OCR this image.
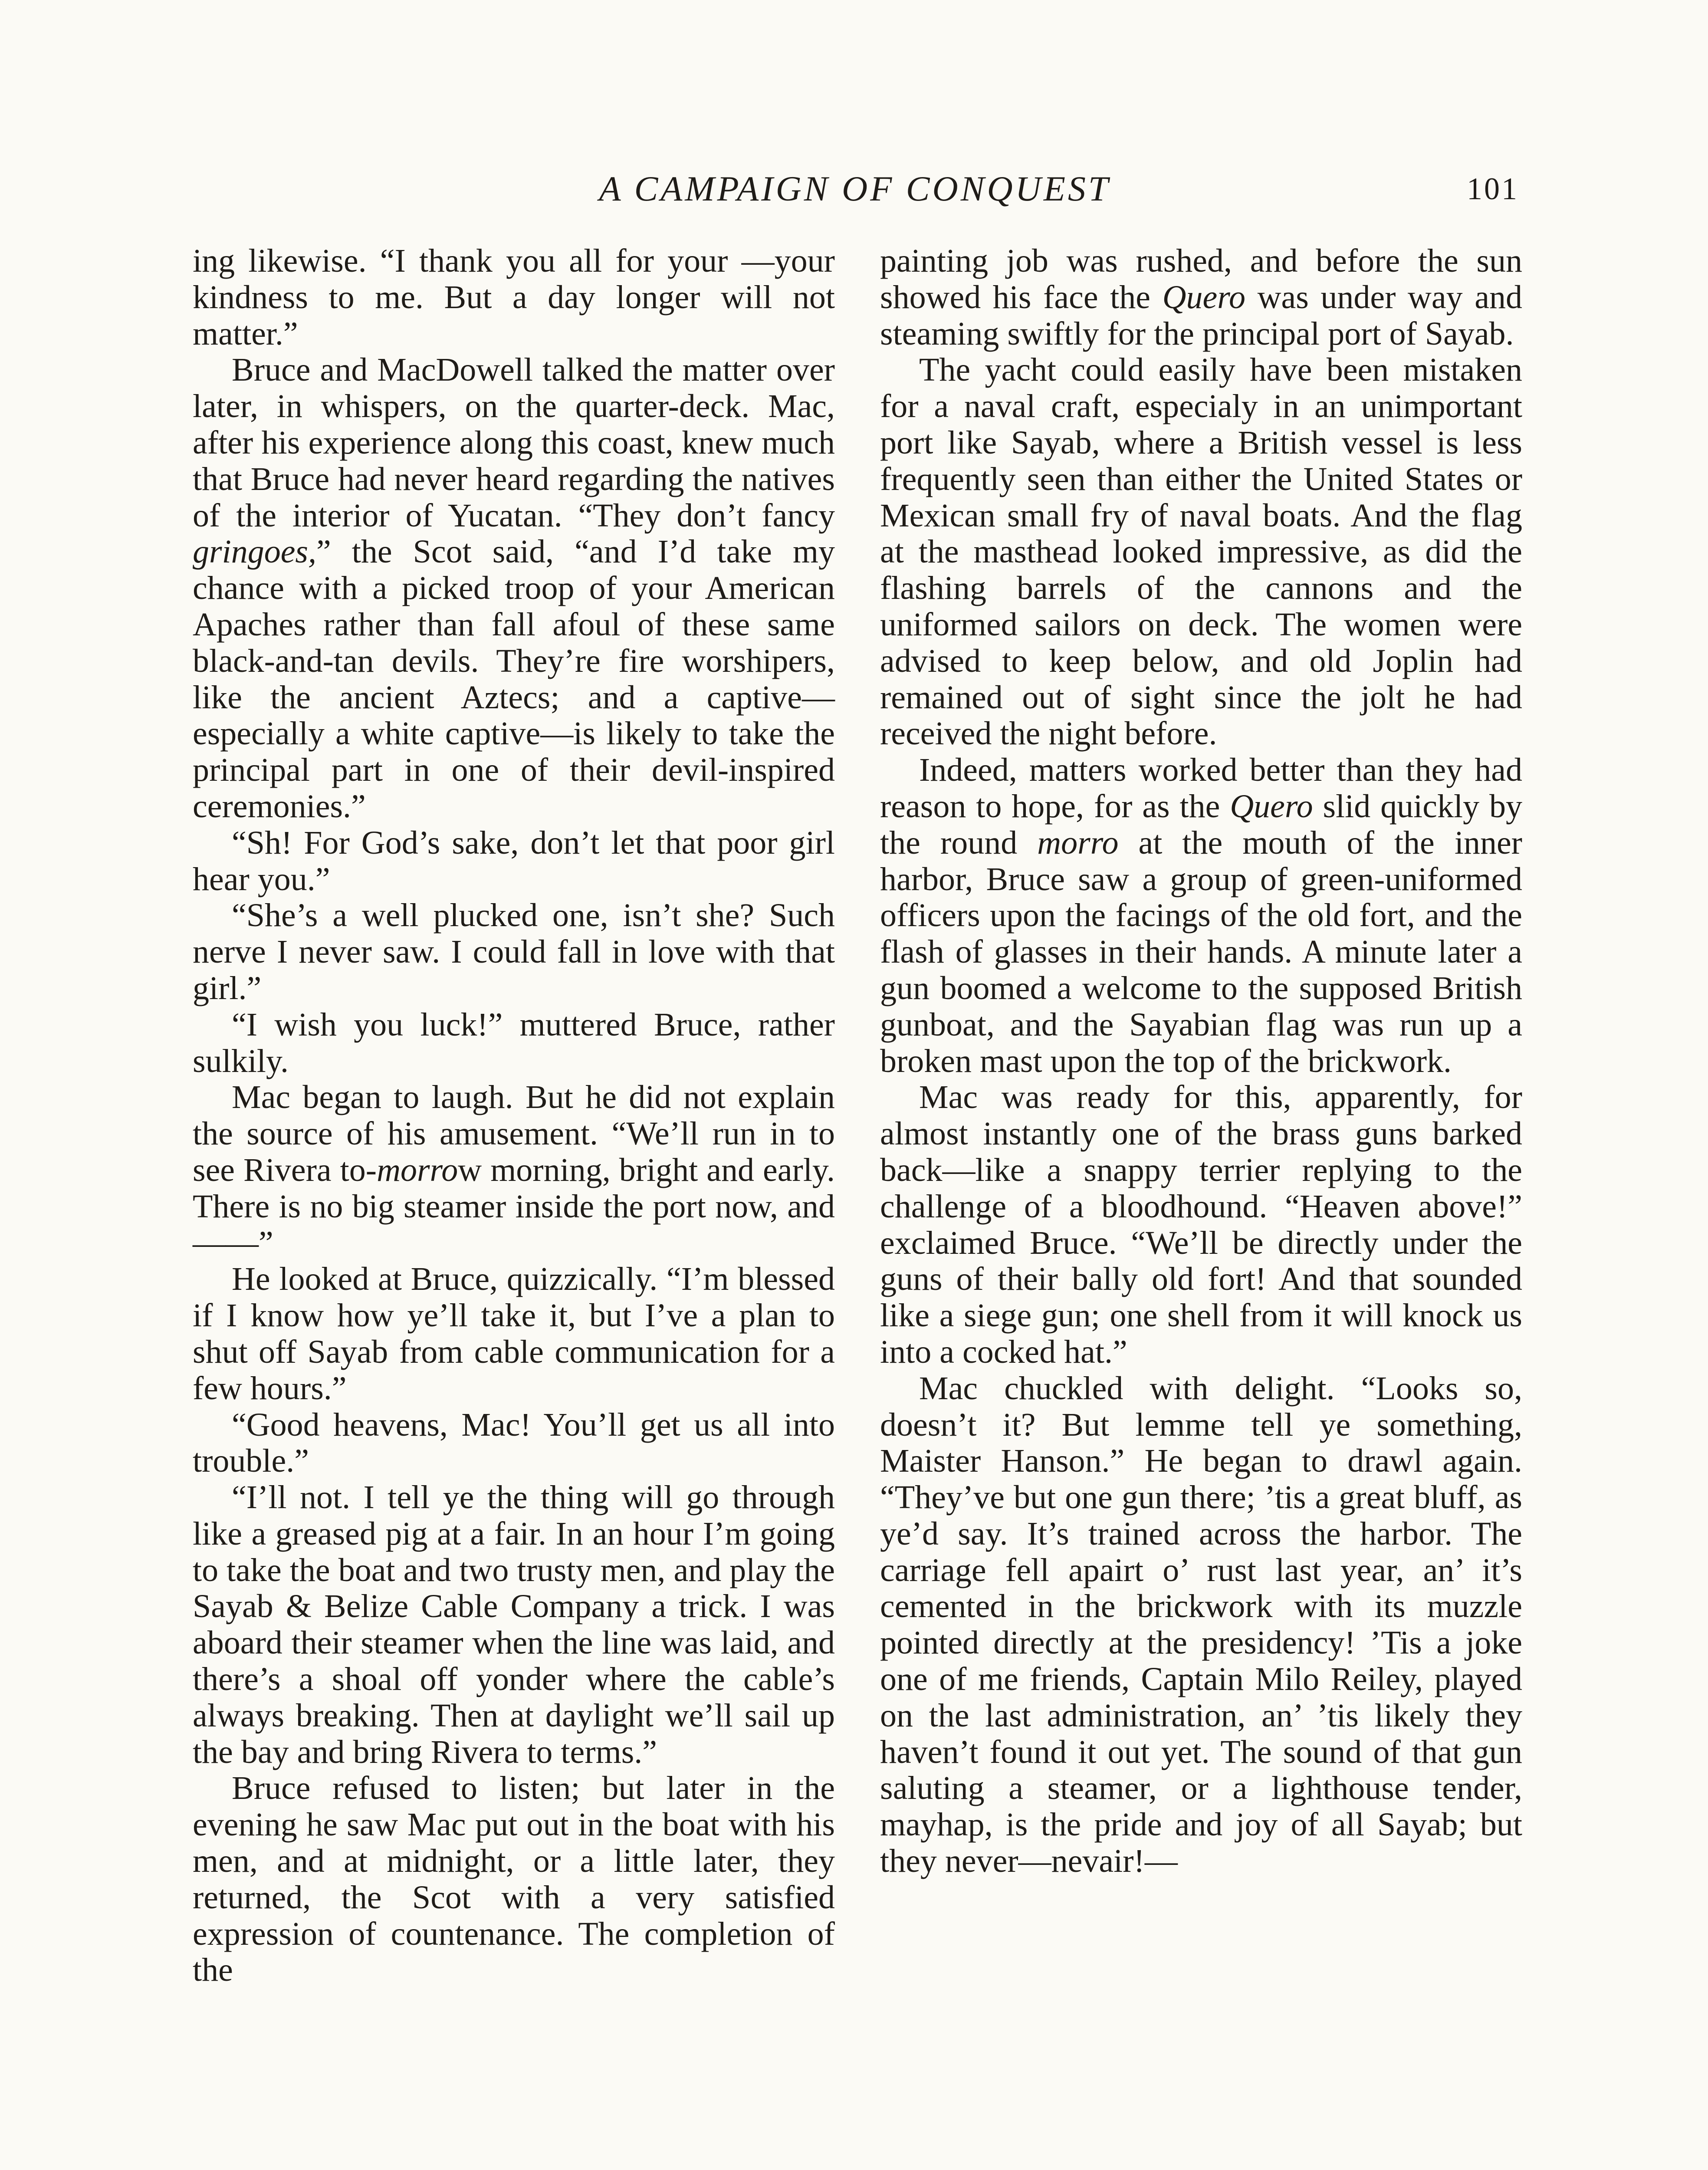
A CAMPAIGN OF CONQUEST	101

ing likewise. “I thank you all for your —your kindness to me. But a day longer will not matter.”

Bruce and MacDowell talked the matter over later, in whispers, on the quarter-deck. Mac, after his experience along this coast, knew much that Bruce had never heard regarding the natives of the interior of Yucatan. “They don’t fancy gringoes,” the Scot said, “and I’d take my chance with a picked troop of your American Apaches rather than fall afoul of these same black-and-tan devils. They’re fire worshipers, like the ancient Aztecs; and a captive—especially a white captive—is likely to take the principal part in one of their devil-inspired ceremonies.”

“Sh! For God’s sake, don’t let that poor girl hear you.”

“She’s a well plucked one, isn’t she? Such nerve I never saw. I could fall in love with that girl.”

“I wish you luck!” muttered Bruce, rather sulkily.

Mac began to laugh. But he did not explain the source of his amusement. “We’ll run in to see Rivera to-morrow morning, bright and early. There is no big steamer inside the port now, and——”

He looked at Bruce, quizzically. “I’m blessed if I know how ye’ll take it, but I’ve a plan to shut off Sayab from cable communication for a few hours.”

“Good heavens, Mac! You’ll get us all into trouble.”

“I’ll not. I tell ye the thing will go through like a greased pig at a fair. In an hour I’m going to take the boat and two trusty men, and play the Sayab & Belize Cable Company a trick. I was aboard their steamer when the line was laid, and there’s a shoal off yonder where the cable’s always breaking. Then at daylight we’ll sail up the bay and bring Rivera to terms.”

Bruce refused to listen; but later in the evening he saw Mac put out in the boat with his men, and at midnight, or a little later, they returned, the Scot with a very satisfied expression of countenance. The completion of the

painting job was rushed, and before the sun showed his face the Quero was under way and steaming swiftly for the principal port of Sayab.

The yacht could easily have been mistaken for a naval craft, especialy in an unimportant port like Sayab, where a British vessel is less frequently seen than either the United States or Mexican small fry of naval boats. And the flag at the masthead looked impressive, as did the flashing barrels of the cannons and the uniformed sailors on deck. The women were advised to keep below, and old Joplin had remained out of sight since the jolt he had received the night before.

Indeed, matters worked better than they had reason to hope, for as the Quero slid quickly by the round morro at the mouth of the inner harbor, Bruce saw a group of green-uniformed officers upon the facings of the old fort, and the flash of glasses in their hands. A minute later a gun boomed a welcome to the supposed British gunboat, and the Sayabian flag was run up a broken mast upon the top of the brickwork.

Mac was ready for this, apparently, for almost instantly one of the brass guns barked back—like a snappy terrier replying to the challenge of a bloodhound. “Heaven above!” exclaimed Bruce. “We’ll be directly under the guns of their bally old fort! And that sounded like a siege gun; one shell from it will knock us into a cocked hat.”

Mac chuckled with delight. “Looks so, doesn’t it? But lemme tell ye something, Maister Hanson.” He began to drawl again. “They’ve but one gun there; ’tis a great bluff, as ye’d say. It’s trained across the harbor. The carriage fell apairt o’ rust last year, an’ it’s cemented in the brickwork with its muzzle pointed directly at the presidency! ’Tis a joke one of me friends, Captain Milo Reiley, played on the last administration, an’ ’tis likely they haven’t found it out yet. The sound of that gun saluting a steamer, or a lighthouse tender, mayhap, is the pride and joy of all Sayab; but they never—nevair!—
